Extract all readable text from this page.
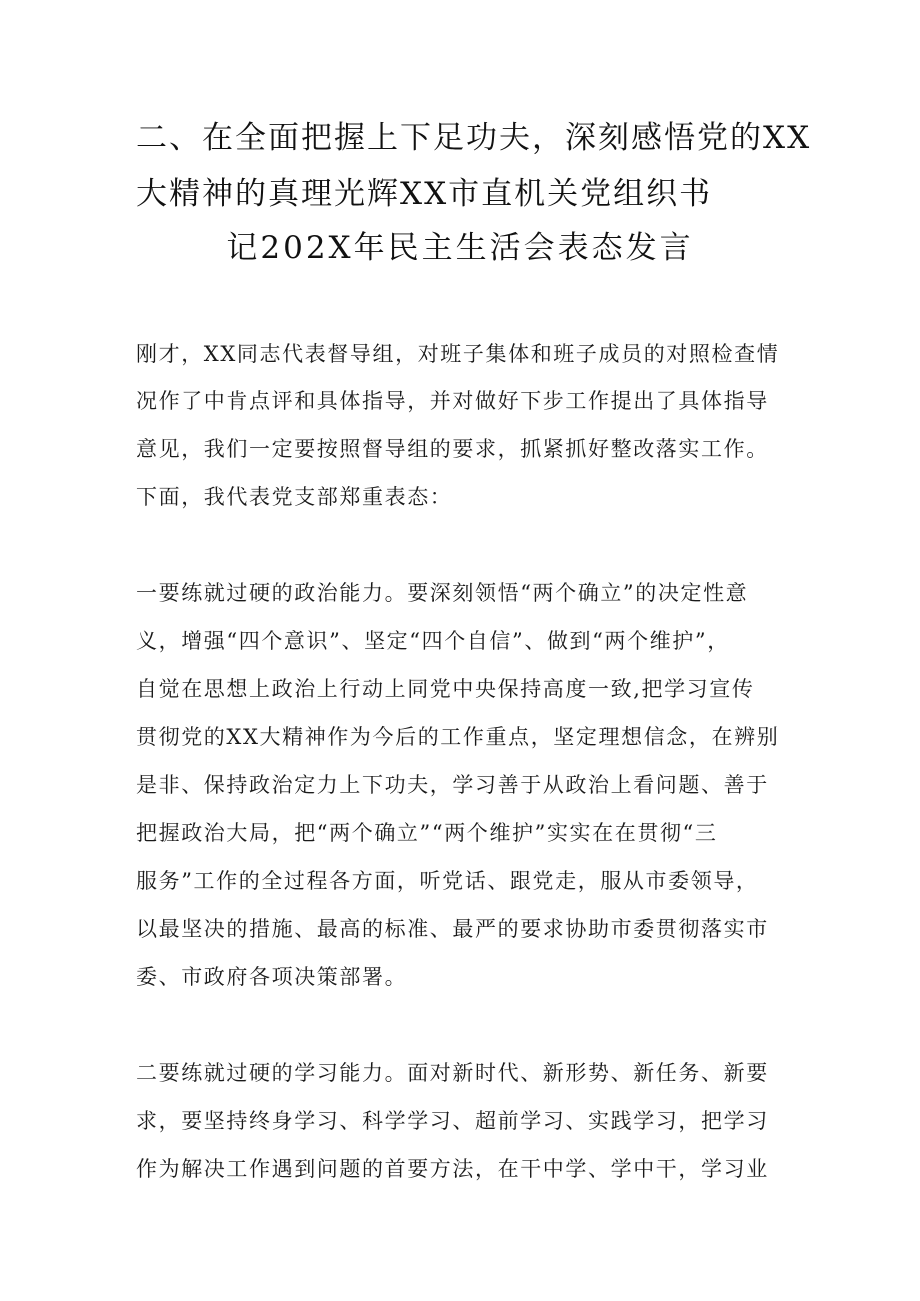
二、在全面把握上下足功夫，深刻感悟党的XX
大精神的真理光辉XX市直机关党组织书
记202X年民主生活会表态发言
刚才，XX同志代表督导组，对班子集体和班子成员的对照检查情
况作了中肯点评和具体指导，并对做好下步工作提出了具体指导
意见，我们一定要按照督导组的要求，抓紧抓好整改落实工作。
下面，我代表党支部郑重表态：
一要练就过硬的政治能力。要深刻领悟“两个确立”的决定性意
义，增强“四个意识”、坚定“四个自信”、做到“两个维护”，
自觉在思想上政治上行动上同党中央保持高度一致,把学习宣传
贯彻党的XX大精神作为今后的工作重点，坚定理想信念，在辨别
是非、保持政治定力上下功夫，学习善于从政治上看问题、善于
把握政治大局，把“两个确立”“两个维护”实实在在贯彻“三
服务”工作的全过程各方面，听党话、跟党走，服从市委领导，
以最坚决的措施、最高的标准、最严的要求协助市委贯彻落实市
委、市政府各项决策部署。
二要练就过硬的学习能力。面对新时代、新形势、新任务、新要
求，要坚持终身学习、科学学习、超前学习、实践学习，把学习
作为解决工作遇到问题的首要方法，在干中学、学中干，学习业
